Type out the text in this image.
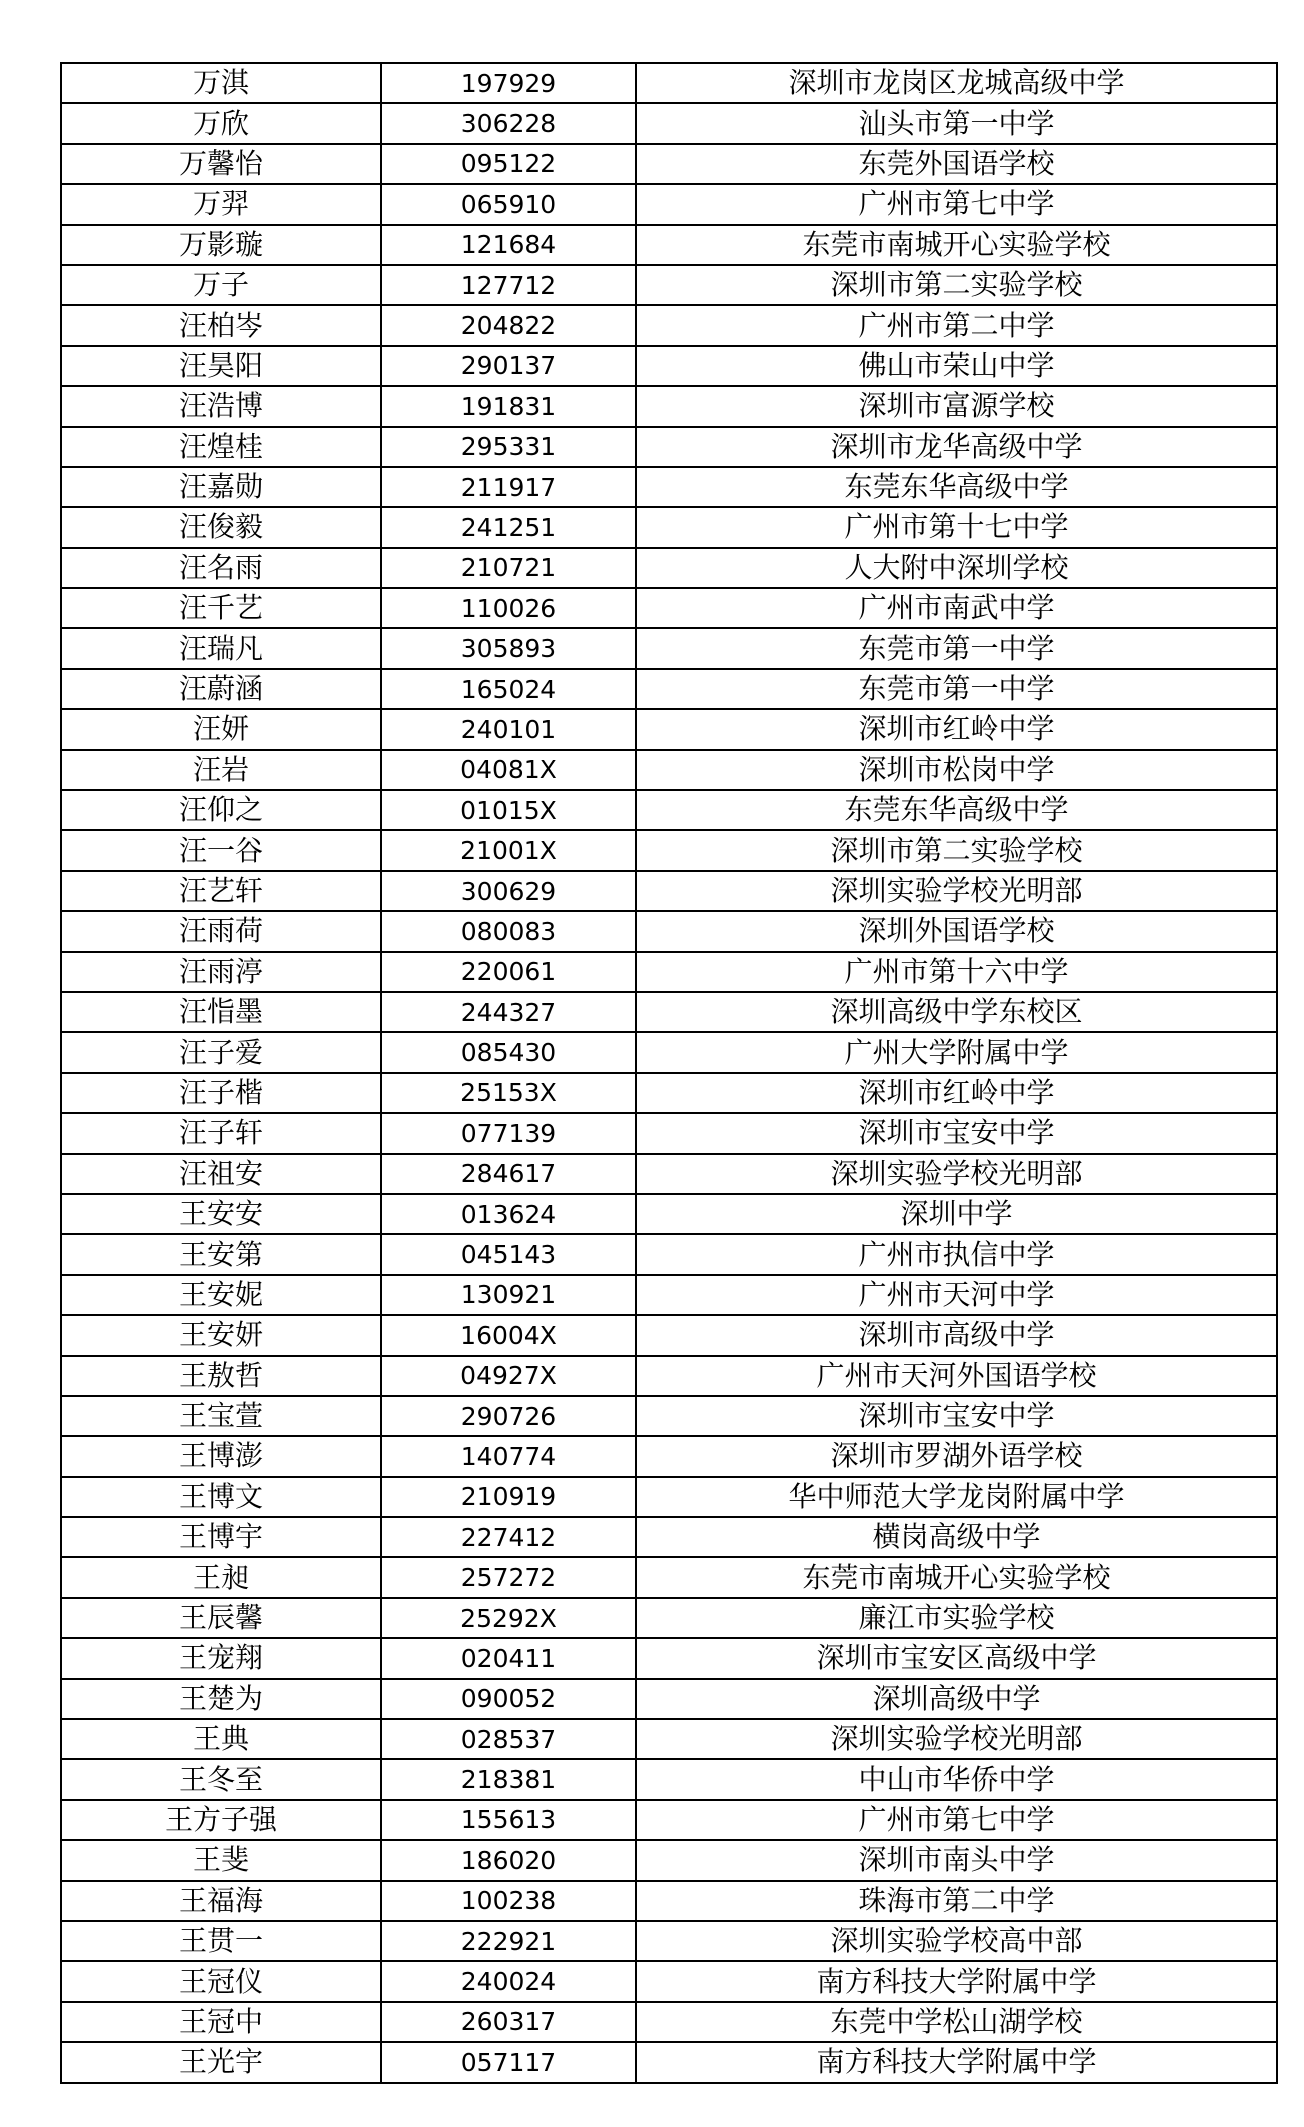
万淇	197929	深圳市龙岗区龙城高级中学
万欣	306228	汕头市第一中学
万馨怡	095122	东莞外国语学校
万羿	065910	广州市第七中学
万影璇	121684	东莞市南城开心实验学校
万子	127712	深圳市第二实验学校
汪柏岑	204822	广州市第二中学
汪昊阳	290137	佛山市荣山中学
汪浩博	191831	深圳市富源学校
汪煌桂	295331	深圳市龙华高级中学
汪嘉勋	211917	东莞东华高级中学
汪俊毅	241251	广州市第十七中学
汪名雨	210721	人大附中深圳学校
汪千艺	110026	广州市南武中学
汪瑞凡	305893	东莞市第一中学
汪蔚涵	165024	东莞市第一中学
汪妍	240101	深圳市红岭中学
汪岩	04081X	深圳市松岗中学
汪仰之	01015X	东莞东华高级中学
汪一谷	21001X	深圳市第二实验学校
汪艺轩	300629	深圳实验学校光明部
汪雨荷	080083	深圳外国语学校
汪雨渟	220061	广州市第十六中学
汪恉墨	244327	深圳高级中学东校区
汪子爱	085430	广州大学附属中学
汪子楷	25153X	深圳市红岭中学
汪子轩	077139	深圳市宝安中学
汪祖安	284617	深圳实验学校光明部
王安安	013624	深圳中学
王安第	045143	广州市执信中学
王安妮	130921	广州市天河中学
王安妍	16004X	深圳市高级中学
王敖哲	04927X	广州市天河外国语学校
王宝萱	290726	深圳市宝安中学
王博澎	140774	深圳市罗湖外语学校
王博文	210919	华中师范大学龙岗附属中学
王博宇	227412	横岗高级中学
王昶	257272	东莞市南城开心实验学校
王辰馨	25292X	廉江市实验学校
王宠翔	020411	深圳市宝安区高级中学
王楚为	090052	深圳高级中学
王典	028537	深圳实验学校光明部
王冬至	218381	中山市华侨中学
王方子强	155613	广州市第七中学
王斐	186020	深圳市南头中学
王福海	100238	珠海市第二中学
王贯一	222921	深圳实验学校高中部
王冠仪	240024	南方科技大学附属中学
王冠中	260317	东莞中学松山湖学校
王光宇	057117	南方科技大学附属中学
